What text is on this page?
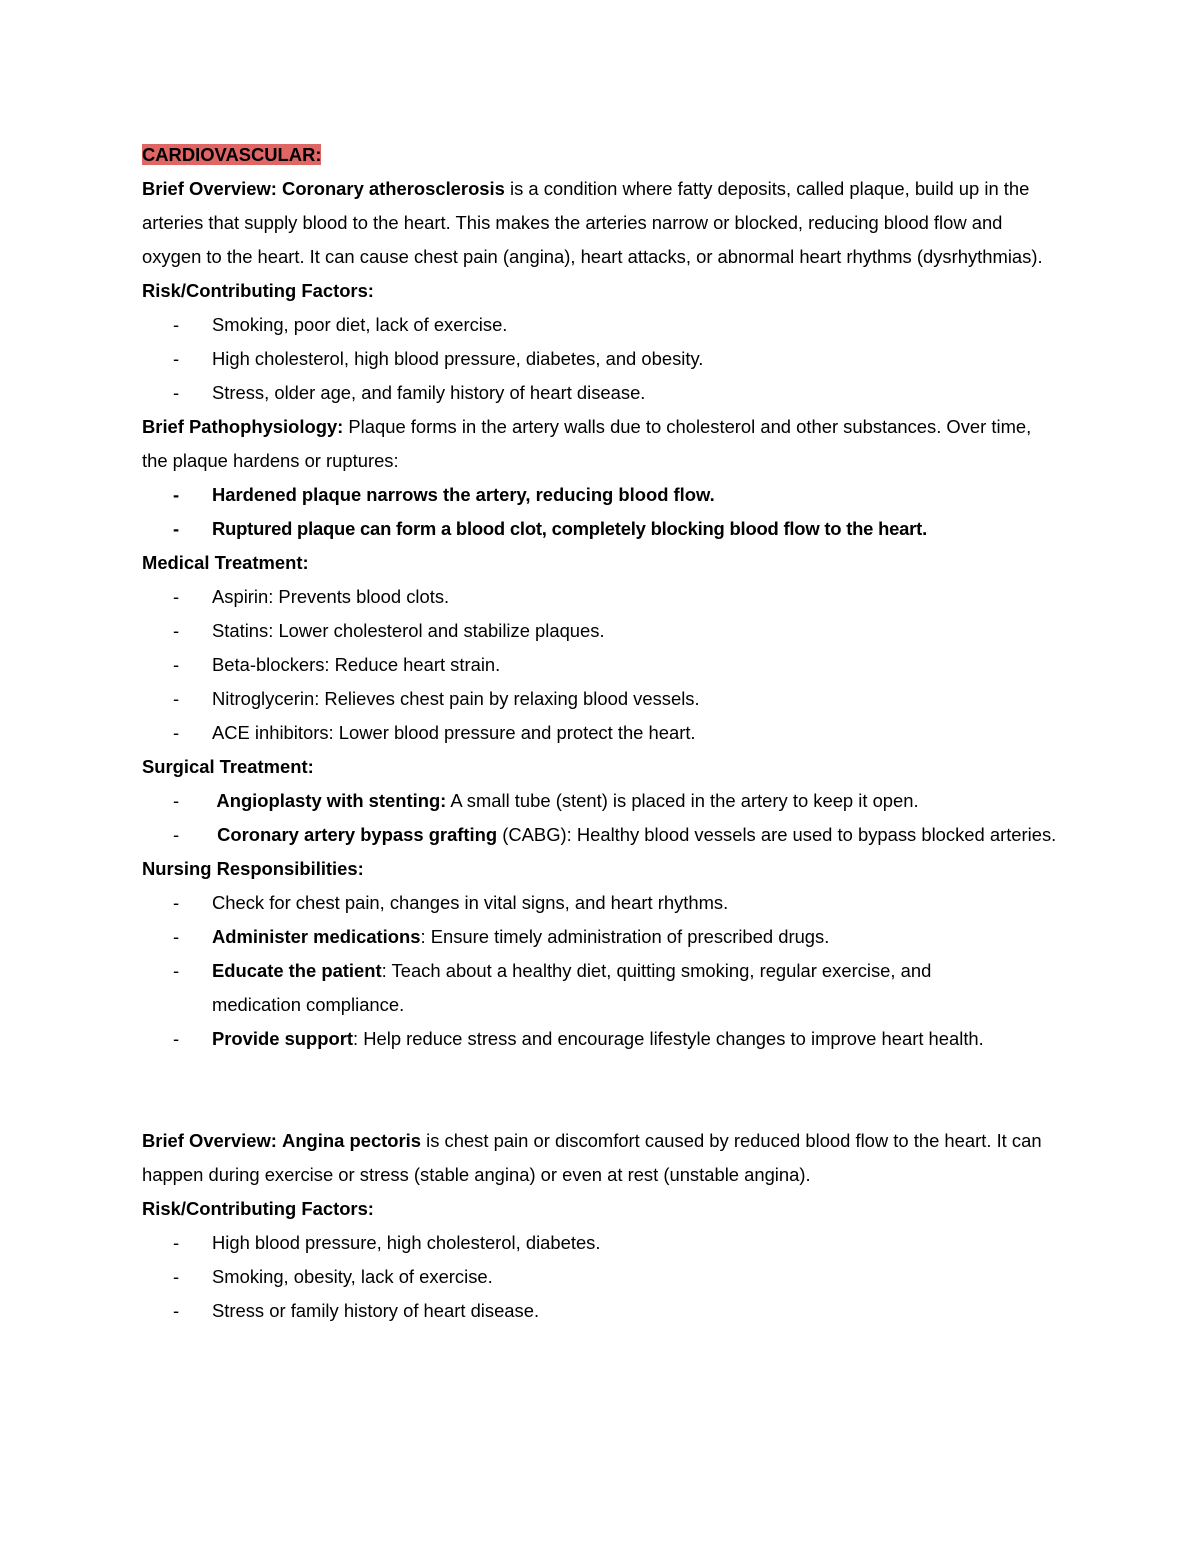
CARDIOVASCULAR:
Brief Overview: Coronary atherosclerosis is a condition where fatty deposits, called plaque, build up in the arteries that supply blood to the heart. This makes the arteries narrow or blocked, reducing blood flow and oxygen to the heart. It can cause chest pain (angina), heart attacks, or abnormal heart rhythms (dysrhythmias).
Risk/Contributing Factors:
- Smoking, poor diet, lack of exercise.
- High cholesterol, high blood pressure, diabetes, and obesity.
- Stress, older age, and family history of heart disease.
Brief Pathophysiology: Plaque forms in the artery walls due to cholesterol and other substances. Over time, the plaque hardens or ruptures:
- Hardened plaque narrows the artery, reducing blood flow.
- Ruptured plaque can form a blood clot, completely blocking blood flow to the heart.
Medical Treatment:
- Aspirin: Prevents blood clots.
- Statins: Lower cholesterol and stabilize plaques.
- Beta-blockers: Reduce heart strain.
- Nitroglycerin: Relieves chest pain by relaxing blood vessels.
- ACE inhibitors: Lower blood pressure and protect the heart.
Surgical Treatment:
- Angioplasty with stenting: A small tube (stent) is placed in the artery to keep it open.
- Coronary artery bypass grafting (CABG): Healthy blood vessels are used to bypass blocked arteries.
Nursing Responsibilities:
- Check for chest pain, changes in vital signs, and heart rhythms.
- Administer medications: Ensure timely administration of prescribed drugs.
- Educate the patient: Teach about a healthy diet, quitting smoking, regular exercise, and medication compliance.
- Provide support: Help reduce stress and encourage lifestyle changes to improve heart health.
Brief Overview: Angina pectoris is chest pain or discomfort caused by reduced blood flow to the heart. It can happen during exercise or stress (stable angina) or even at rest (unstable angina).
Risk/Contributing Factors:
- High blood pressure, high cholesterol, diabetes.
- Smoking, obesity, lack of exercise.
- Stress or family history of heart disease.
